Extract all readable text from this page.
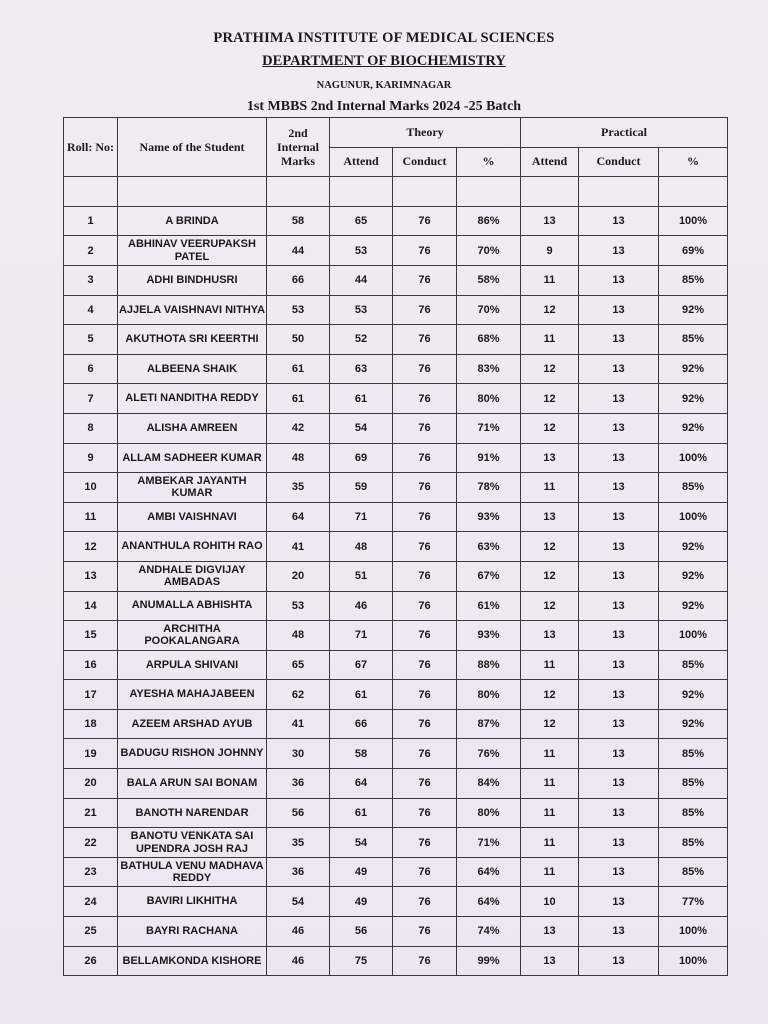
PRATHIMA INSTITUTE OF MEDICAL SCIENCES
DEPARTMENT OF BIOCHEMISTRY
NAGUNUR, KARIMNAGAR
1st MBBS 2nd Internal Marks 2024 -25 Batch
Roll: No:	Name of the Student	2nd Internal Marks	Theory			Practical		
			Attend	Conduct	%	Attend	Conduct	%

1	A BRINDA	58	65	76	86%	13	13	100%
2	ABHINAV VEERUPAKSH PATEL	44	53	76	70%	9	13	69%
3	ADHI BINDHUSRI	66	44	76	58%	11	13	85%
4	AJJELA VAISHNAVI NITHYA	53	53	76	70%	12	13	92%
5	AKUTHOTA SRI KEERTHI	50	52	76	68%	11	13	85%
6	ALBEENA SHAIK	61	63	76	83%	12	13	92%
7	ALETI NANDITHA REDDY	61	61	76	80%	12	13	92%
8	ALISHA AMREEN	42	54	76	71%	12	13	92%
9	ALLAM SADHEER KUMAR	48	69	76	91%	13	13	100%
10	AMBEKAR JAYANTH KUMAR	35	59	76	78%	11	13	85%
11	AMBI VAISHNAVI	64	71	76	93%	13	13	100%
12	ANANTHULA ROHITH RAO	41	48	76	63%	12	13	92%
13	ANDHALE DIGVIJAY AMBADAS	20	51	76	67%	12	13	92%
14	ANUMALLA ABHISHTA	53	46	76	61%	12	13	92%
15	ARCHITHA POOKALANGARA	48	71	76	93%	13	13	100%
16	ARPULA SHIVANI	65	67	76	88%	11	13	85%
17	AYESHA MAHAJABEEN	62	61	76	80%	12	13	92%
18	AZEEM ARSHAD AYUB	41	66	76	87%	12	13	92%
19	BADUGU RISHON JOHNNY	30	58	76	76%	11	13	85%
20	BALA ARUN SAI BONAM	36	64	76	84%	11	13	85%
21	BANOTH NARENDAR	56	61	76	80%	11	13	85%
22	BANOTU VENKATA SAI UPENDRA JOSH RAJ	35	54	76	71%	11	13	85%
23	BATHULA VENU MADHAVA REDDY	36	49	76	64%	11	13	85%
24	BAVIRI LIKHITHA	54	49	76	64%	10	13	77%
25	BAYRI RACHANA	46	56	76	74%	13	13	100%
26	BELLAMKONDA KISHORE	46	75	76	99%	13	13	100%
